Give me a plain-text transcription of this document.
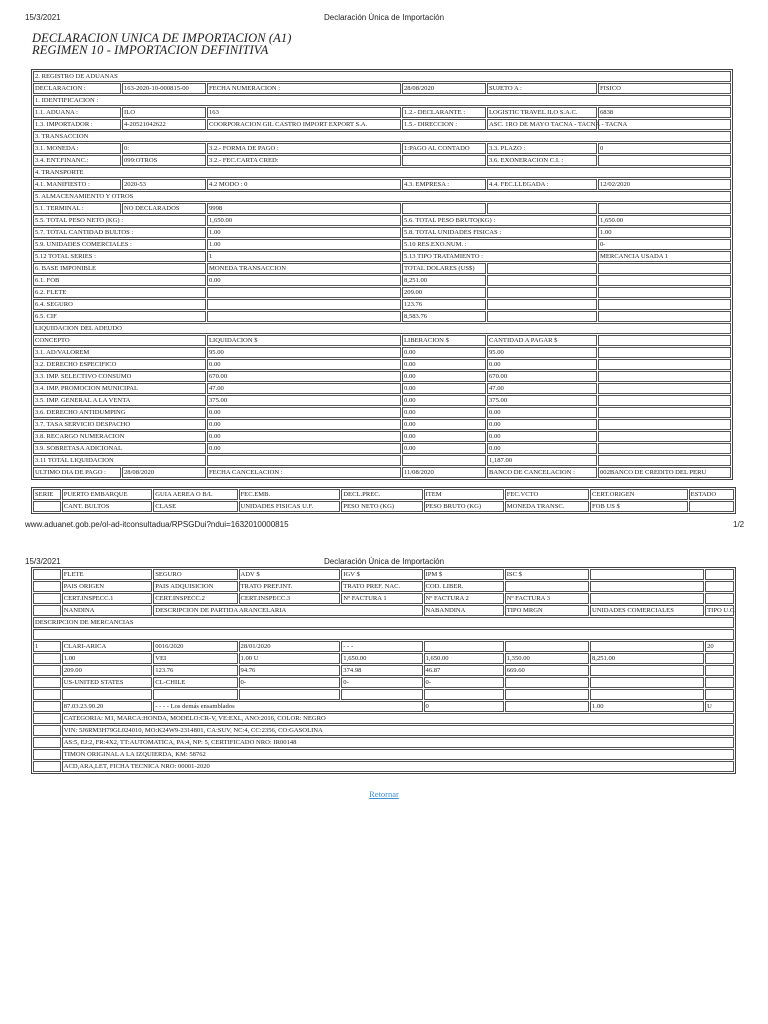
15/3/2021	Declaración Única de Importación
DECLARACION UNICA DE IMPORTACION (A1)
REGIMEN 10 - IMPORTACION DEFINITIVA
2. REGISTRO DE ADUANAS					
DECLARACION :	163-2020-10-000815-00	FECHA NUMERACION :	28/08/2020	SUJETO A :	FISICO
1. IDENTIFICACION :					
1.1. ADUANA :	ILO	163	1.2.- DECLARANTE :	LOGISTIC TRAVEL ILO S.A.C.	6838
1.3. IMPORTADOR :	4-20521042622	COORPORACION GIL CASTRO IMPORT EXPORT S.A.	1.5.- DIRECCION :	ASC. 1RO DE MAYO TACNA - TACNA - TACNA	
3. TRANSACCION					
3.1. MONEDA :	0:	3.2.- FORMA DE PAGO :	1:PAGO AL CONTADO	3.3. PLAZO :	0
3.4. ENT.FINANC.:	099:OTROS	3.2.- FEC.CARTA CRED:		3.6. EXONERACION C.I. :	
4. TRANSPORTE					
4.1. MANIFIESTO :	2020-53	4.2 MODO : 0	4.3. EMPRESA :	4.4. FEC.LLEGADA :	12/02/2020
5. ALMACENAMIENTO Y OTROS					
5.1. TERMINAL :	NO DECLARADOS	9998			
5.5. TOTAL PESO NETO (KG) :		1,650.00	5.6. TOTAL PESO BRUTO(KG) :		1,650.00
5.7. TOTAL CANTIDAD BULTOS :		1.00	5.8. TOTAL UNIDADES FISICAS :		1.00
5.9. UNIDADES COMERCIALES :		1.00	5.10 RES.EXO.NUM. :		0-
5.12 TOTAL SERIES :		1	5.13 TIPO TRATAMIENTO :		MERCANCIA USADA 1
6. BASE IMPONIBLE		MONEDA TRANSACCION	TOTAL DOLARES (US$)		
6.1. FOB		0.00	8,251.00		
6.2. FLETE			209.00		
6.4. SEGURO			123.76		
6.5. CIF			8,583.76		
LIQUIDACION DEL ADEUDO					
CONCEPTO		LIQUIDACION $	LIBERACION $	CANTIDAD A PAGAR $	
3.1. AD/VALOREM		95.00	0.00	95.00	
3.2. DERECHO ESPECIFICO		0.00	0.00	0.00	
3.3. IMP. SELECTIVO CONSUMO		670.00	0.00	670.00	
3.4. IMP. PROMOCION MUNICIPAL		47.00	0.00	47.00	
3.5. IMP. GENERAL A LA VENTA		375.00	0.00	375.00	
3.6. DERECHO ANTIDUMPING		0.00	0.00	0.00	
3.7. TASA SERVICIO DESPACHO		0.00	0.00	0.00	
3.8. RECARGO NUMERACION		0.00	0.00	0.00	
3.9. SOBRETASA ADICIONAL		0.00	0.00	0.00	
3.11 TOTAL LIQUIDACION				1,187.00	
ULTIMO DIA DE PAGO :	28/08/2020	FECHA CANCELACION :	11/08/2020	BANCO DE CANCELACION :	002BANCO DE CREDITO DEL PERU
SERIE	PUERTO EMBARQUE	GUIA AEREA O B/L	FEC.EMB.	DECL.PREC.	ITEM	FEC.VCTO	CERT.ORIGEN	ESTADO
	CANT. BULTOS	CLASE	UNIDADES FISICAS U.F.	PESO NETO (KG)	PESO BRUTO (KG)	MONEDA TRANSC.	FOB US $	
www.aduanet.gob.pe/ol-ad-itconsultadua/RPSGDui?ndui=1632010000815	1/2
15/3/2021	Declaración Única de Importación
	FLETE	SEGURO	ADV $	IGV $	IPM $	ISC $		
	PAIS ORIGEN	PAIS ADQUISICION	TRATO PREF.INT.	TRATO PREF. NAC.	COD. LIBER.			
	CERT.INSPECC.1	CERT.INSPECC.2	CERT.INSPECC.3	Nº FACTURA 1	Nº FACTURA 2	Nº FACTURA 3		
	NANDINA	DESCRIPCION DE PARTIDA ARANCELARIA			NABANDINA	TIPO MRGN	UNIDADES COMERCIALES	TIPO U.C.
DESCRIPCION DE MERCANCIAS								

1	CLARI-ARICA	0016/2020	28/01/2020	- - -				20
	1.00	VEI	1.00 U	1,650.00	1,650.00	1,350.00	8,251.00	
	209.00	123.76	94.76	374.98	46.87	669.60		
	US-UNITED STATES	CL-CHILE	0-	0-	0-			

	87.03.23.90.20	- - - - Los demás ensamblados			0		1.00	U
	CATEGORIA: M1, MARCA:HONDA, MODELO:CR-V, VE:EXL, ANO:2016, COLOR: NEGRO							
	VIN: 5J6RM3H79GL024010, MO:K24W9-2314801, CA:SUV, NC:4, CC:2356, CO:GASOLINA							
	AS:5, EJ:2, FR:4X2, TT:AUTOMATICA, PA:4, NP: 5, CERTIFICADO NRO: IR00148							
	TIMON ORIGINAL A LA IZQUIERDA, KM: 58762							
	ACD,ARA,LET, FICHA TECNICA NRO: 00001-2020							
Retornar
